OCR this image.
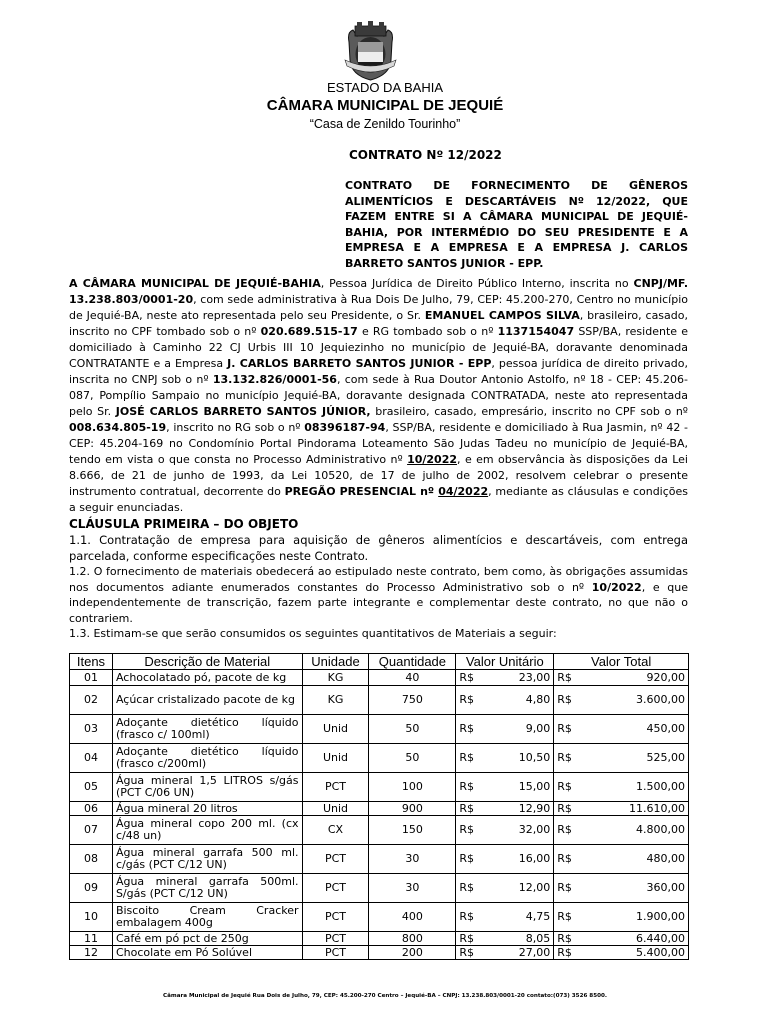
ESTADO DA BAHIA
CÂMARA MUNICIPAL DE JEQUIÉ
“Casa de Zenildo Tourinho”
CONTRATO Nº 12/2022
CONTRATO DE FORNECIMENTO DE GÊNEROS ALIMENTÍCIOS E DESCARTÁVEIS Nº 12/2022, QUE FAZEM ENTRE SI A CÂMARA MUNICIPAL DE JEQUIÉ-BAHIA, POR INTERMÉDIO DO SEU PRESIDENTE E A EMPRESA E A EMPRESA E A EMPRESA J. CARLOS BARRETO SANTOS JUNIOR - EPP.
A CÂMARA MUNICIPAL DE JEQUIÉ-BAHIA, Pessoa Jurídica de Direito Público Interno, inscrita no CNPJ/MF. 13.238.803/0001-20, com sede administrativa à Rua Dois De Julho, 79, CEP: 45.200-270, Centro no município de Jequié-BA, neste ato representada pelo seu Presidente, o Sr. EMANUEL CAMPOS SILVA, brasileiro, casado, inscrito no CPF tombado sob o nº 020.689.515-17 e RG tombado sob o nº 1137154047 SSP/BA, residente e domiciliado à Caminho 22 CJ Urbis III 10 Jequiezinho no município de Jequié-BA, doravante denominada CONTRATANTE e a Empresa J. CARLOS BARRETO SANTOS JUNIOR - EPP, pessoa jurídica de direito privado, inscrita no CNPJ sob o nº 13.132.826/0001-56, com sede à Rua Doutor Antonio Astolfo, nº 18 - CEP: 45.206-087, Pompílio Sampaio no município Jequié-BA, doravante designada CONTRATADA, neste ato representada pelo Sr. JOSÉ CARLOS BARRETO SANTOS JÚNIOR, brasileiro, casado, empresário, inscrito no CPF sob o nº 008.634.805-19, inscrito no RG sob o nº 08396187-94, SSP/BA, residente e domiciliado à Rua Jasmin, nº 42 - CEP: 45.204-169 no Condomínio Portal Pindorama Loteamento São Judas Tadeu no município de Jequié-BA, tendo em vista o que consta no Processo Administrativo nº 10/2022, e em observância às disposições da Lei 8.666, de 21 de junho de 1993, da Lei 10520, de 17 de julho de 2002, resolvem celebrar o presente instrumento contratual, decorrente do PREGÃO PRESENCIAL nº 04/2022, mediante as cláusulas e condições a seguir enunciadas.
CLÁUSULA PRIMEIRA – DO OBJETO

1.1. Contratação de empresa para aquisição de gêneros alimentícios e descartáveis, com entrega parcelada, conforme especificações neste Contrato.

1.2. O fornecimento de materiais obedecerá ao estipulado neste contrato, bem como, às obrigações assumidas nos documentos adiante enumerados constantes do Processo Administrativo sob o nº 10/2022, e que independentemente de transcrição, fazem parte integrante e complementar deste contrato, no que não o contrariem.

1.3. Estimam-se que serão consumidos os seguintes quantitativos de Materiais a seguir:

Itens	Descrição de Material	Unidade	Quantidade	Valor Unitário	Valor Total
01	Achocolatado pó, pacote de kg	KG	40	R$ 23,00	R$ 920,00

02	Açúcar cristalizado pacote de kg	KG	750	R$ 4,80	R$ 3.600,00

03	Adoçante dietético líquido (frasco c/ 100ml)	Unid	50	R$ 9,00	R$ 450,00

04	Adoçante dietético líquido (frasco c/200ml)	Unid	50	R$ 10,50	R$ 525,00

05	Água mineral 1,5 LITROS s/gás (PCT C/06 UN)	PCT	100	R$ 15,00	R$ 1.500,00

06	Água mineral 20 litros	Unid	900	R$ 12,90	R$ 11.610,00

07	Água mineral copo 200 ml. (cx c/48 un)	CX	150	R$ 32,00	R$ 4.800,00

08	Água mineral garrafa 500 ml. c/gás (PCT C/12 UN)	PCT	30	R$ 16,00	R$ 480,00

09	Água mineral garrafa 500ml. S/gás (PCT C/12 UN)	PCT	30	R$ 12,00	R$ 360,00

10	Biscoito Cream Cracker embalagem 400g	PCT	400	R$ 4,75	R$ 1.900,00

11	Café em pó pct de 250g	PCT	800	R$ 8,05	R$ 6.440,00

12	Chocolate em Pó Solúvel	PCT	200	R$ 27,00	R$ 5.400,00
Câmara Municipal de Jequié Rua Dois de Julho, 79, CEP: 45.200-270 Centro – Jequié-BA – CNPJ: 13.238.803/0001-20 contato:(073) 3526 8500.
